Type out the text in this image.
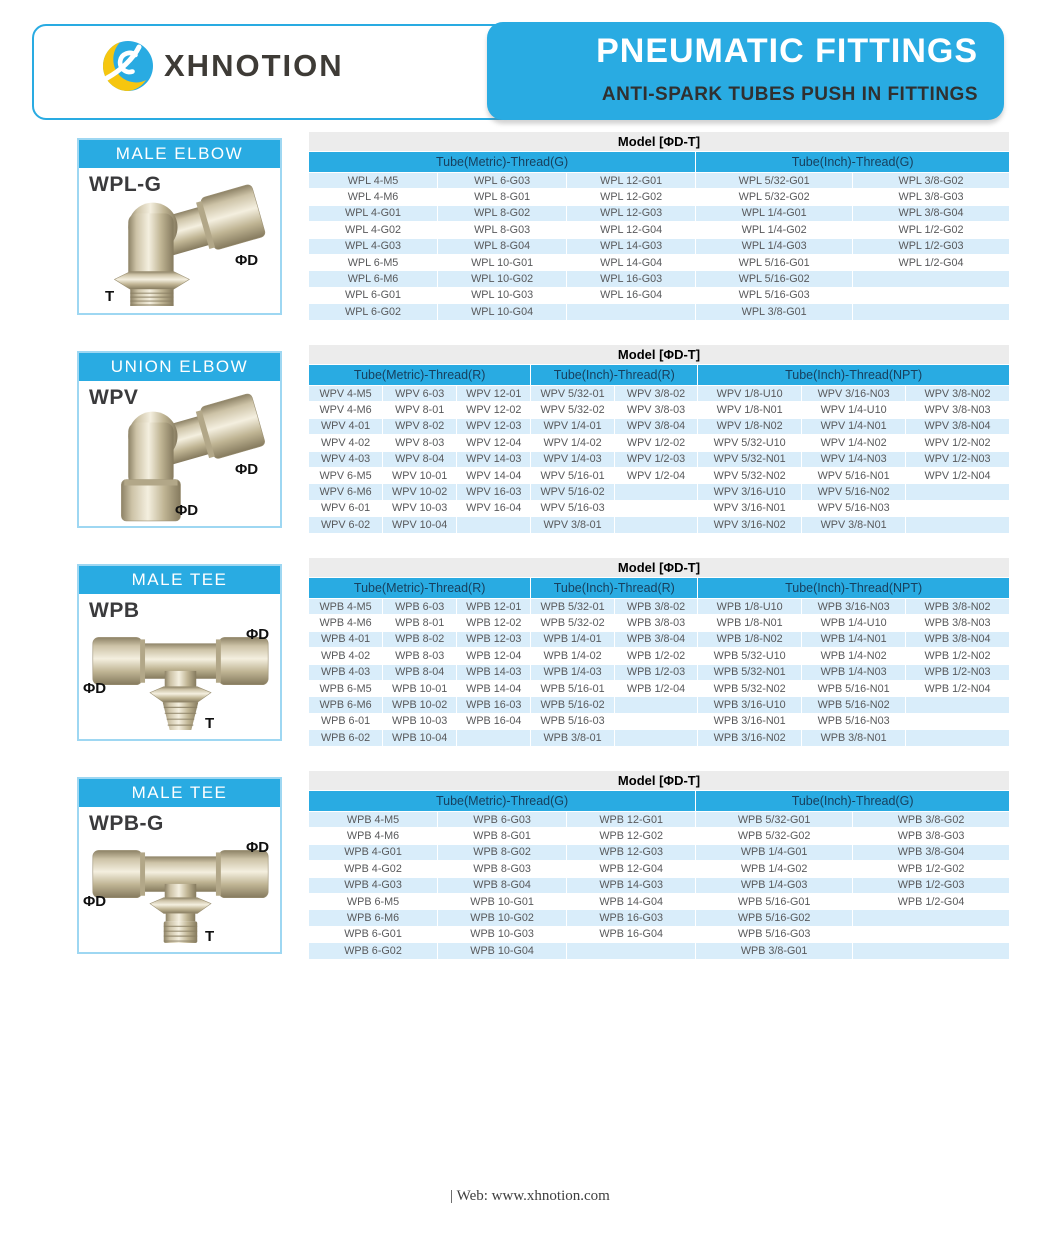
PNEUMATIC FITTINGS
ANTI-SPARK TUBES PUSH IN FITTINGS
XHNOTION
MALE ELBOW
WPL-G
ΦD
T
Model [ΦD-T]				
Tube(Metric)-Thread(G)			Tube(Inch)-Thread(G)	
WPL 4-M5	WPL 6-G03	WPL 12-G01	WPL 5/32-G01	WPL 3/8-G02
WPL 4-M6	WPL 8-G01	WPL 12-G02	WPL 5/32-G02	WPL 3/8-G03
WPL 4-G01	WPL 8-G02	WPL 12-G03	WPL 1/4-G01	WPL 3/8-G04
WPL 4-G02	WPL 8-G03	WPL 12-G04	WPL 1/4-G02	WPL 1/2-G02
WPL 4-G03	WPL 8-G04	WPL 14-G03	WPL 1/4-G03	WPL 1/2-G03
WPL 6-M5	WPL 10-G01	WPL 14-G04	WPL 5/16-G01	WPL 1/2-G04
WPL 6-M6	WPL 10-G02	WPL 16-G03	WPL 5/16-G02	
WPL 6-G01	WPL 10-G03	WPL 16-G04	WPL 5/16-G03	
WPL 6-G02	WPL 10-G04		WPL 3/8-G01	
UNION ELBOW
WPV
ΦD
ΦD
Model [ΦD-T]							
Tube(Metric)-Thread(R)			Tube(Inch)-Thread(R)		Tube(Inch)-Thread(NPT)		
WPV 4-M5	WPV 6-03	WPV 12-01	WPV 5/32-01	WPV 3/8-02	WPV 1/8-U10	WPV 3/16-N03	WPV 3/8-N02
WPV 4-M6	WPV 8-01	WPV 12-02	WPV 5/32-02	WPV 3/8-03	WPV 1/8-N01	WPV 1/4-U10	WPV 3/8-N03
WPV 4-01	WPV 8-02	WPV 12-03	WPV 1/4-01	WPV 3/8-04	WPV 1/8-N02	WPV 1/4-N01	WPV 3/8-N04
WPV 4-02	WPV 8-03	WPV 12-04	WPV 1/4-02	WPV 1/2-02	WPV 5/32-U10	WPV 1/4-N02	WPV 1/2-N02
WPV 4-03	WPV 8-04	WPV 14-03	WPV 1/4-03	WPV 1/2-03	WPV 5/32-N01	WPV 1/4-N03	WPV 1/2-N03
WPV 6-M5	WPV 10-01	WPV 14-04	WPV 5/16-01	WPV 1/2-04	WPV 5/32-N02	WPV 5/16-N01	WPV 1/2-N04
WPV 6-M6	WPV 10-02	WPV 16-03	WPV 5/16-02		WPV 3/16-U10	WPV 5/16-N02	
WPV 6-01	WPV 10-03	WPV 16-04	WPV 5/16-03		WPV 3/16-N01	WPV 5/16-N03	
WPV 6-02	WPV 10-04		WPV 3/8-01		WPV 3/16-N02	WPV 3/8-N01	
MALE TEE
WPB
ΦD
ΦD
T
Model [ΦD-T]							
Tube(Metric)-Thread(R)			Tube(Inch)-Thread(R)		Tube(Inch)-Thread(NPT)		
WPB 4-M5	WPB 6-03	WPB 12-01	WPB 5/32-01	WPB 3/8-02	WPB 1/8-U10	WPB 3/16-N03	WPB 3/8-N02
WPB 4-M6	WPB 8-01	WPB 12-02	WPB 5/32-02	WPB 3/8-03	WPB 1/8-N01	WPB 1/4-U10	WPB 3/8-N03
WPB 4-01	WPB 8-02	WPB 12-03	WPB 1/4-01	WPB 3/8-04	WPB 1/8-N02	WPB 1/4-N01	WPB 3/8-N04
WPB 4-02	WPB 8-03	WPB 12-04	WPB 1/4-02	WPB 1/2-02	WPB 5/32-U10	WPB 1/4-N02	WPB 1/2-N02
WPB 4-03	WPB 8-04	WPB 14-03	WPB 1/4-03	WPB 1/2-03	WPB 5/32-N01	WPB 1/4-N03	WPB 1/2-N03
WPB 6-M5	WPB 10-01	WPB 14-04	WPB 5/16-01	WPB 1/2-04	WPB 5/32-N02	WPB 5/16-N01	WPB 1/2-N04
WPB 6-M6	WPB 10-02	WPB 16-03	WPB 5/16-02		WPB 3/16-U10	WPB 5/16-N02	
WPB 6-01	WPB 10-03	WPB 16-04	WPB 5/16-03		WPB 3/16-N01	WPB 5/16-N03	
WPB 6-02	WPB 10-04		WPB 3/8-01		WPB 3/16-N02	WPB 3/8-N01	
MALE TEE
WPB-G
ΦD
ΦD
T
Model [ΦD-T]				
Tube(Metric)-Thread(G)			Tube(Inch)-Thread(G)	
WPB 4-M5	WPB 6-G03	WPB 12-G01	WPB 5/32-G01	WPB 3/8-G02
WPB 4-M6	WPB 8-G01	WPB 12-G02	WPB 5/32-G02	WPB 3/8-G03
WPB 4-G01	WPB 8-G02	WPB 12-G03	WPB 1/4-G01	WPB 3/8-G04
WPB 4-G02	WPB 8-G03	WPB 12-G04	WPB 1/4-G02	WPB 1/2-G02
WPB 4-G03	WPB 8-G04	WPB 14-G03	WPB 1/4-G03	WPB 1/2-G03
WPB 6-M5	WPB 10-G01	WPB 14-G04	WPB 5/16-G01	WPB 1/2-G04
WPB 6-M6	WPB 10-G02	WPB 16-G03	WPB 5/16-G02	
WPB 6-G01	WPB 10-G03	WPB 16-G04	WPB 5/16-G03	
WPB 6-G02	WPB 10-G04		WPB 3/8-G01	
| Web: www.xhnotion.com
